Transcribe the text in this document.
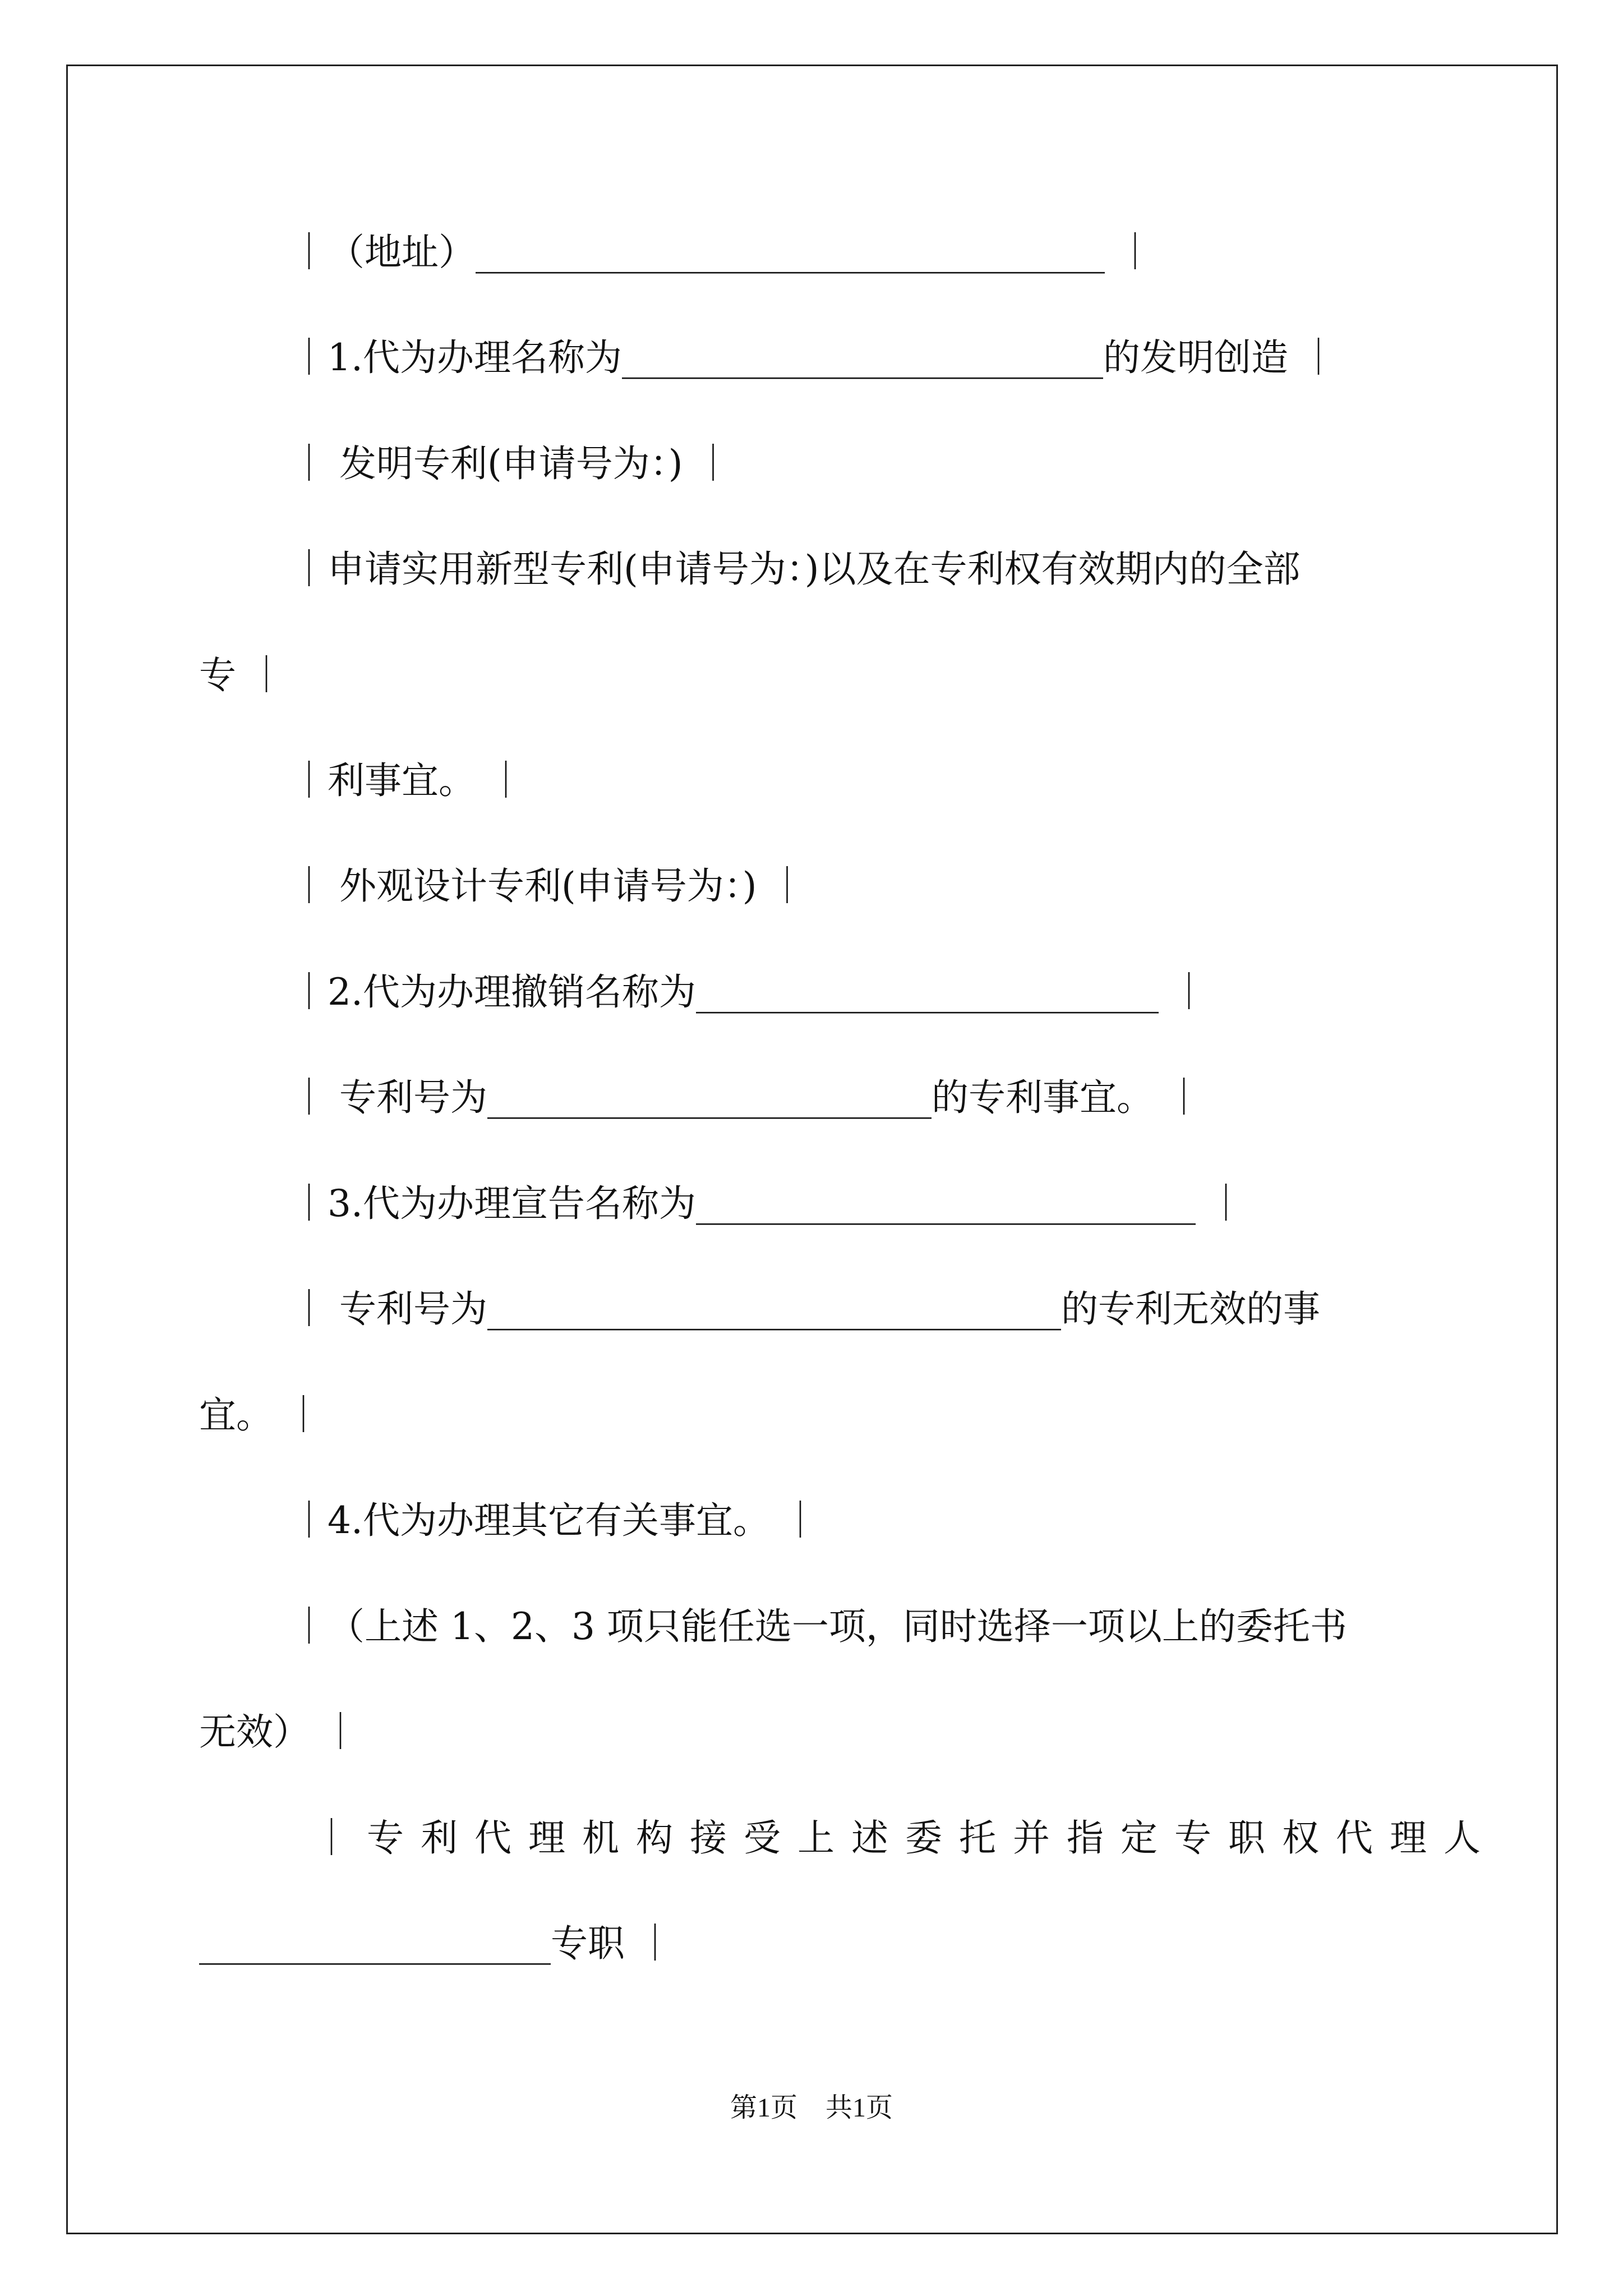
｜（地址）__________________________________ ｜
｜1.代为办理名称为__________________________的发明创造 ｜
｜ 发明专利(申请号为：) ｜
｜申请实用新型专利(申请号为：)以及在专利权有效期内的全部
专 ｜
｜利事宜。 ｜
｜ 外观设计专利(申请号为：) ｜
｜2.代为办理撤销名称为_________________________ ｜
｜ 专利号为________________________的专利事宜。 ｜
｜3.代为办理宣告名称为___________________________ ｜
｜ 专利号为_______________________________的专利无效的事
宜。 ｜
｜4.代为办理其它有关事宜。 ｜
｜（上述 1、2、3 项只能任选一项，同时选择一项以上的委托书
无效） ｜
｜专利代理机构接受上述委托并指定专职权代理人
___________________专职 ｜
第1页 共1页
